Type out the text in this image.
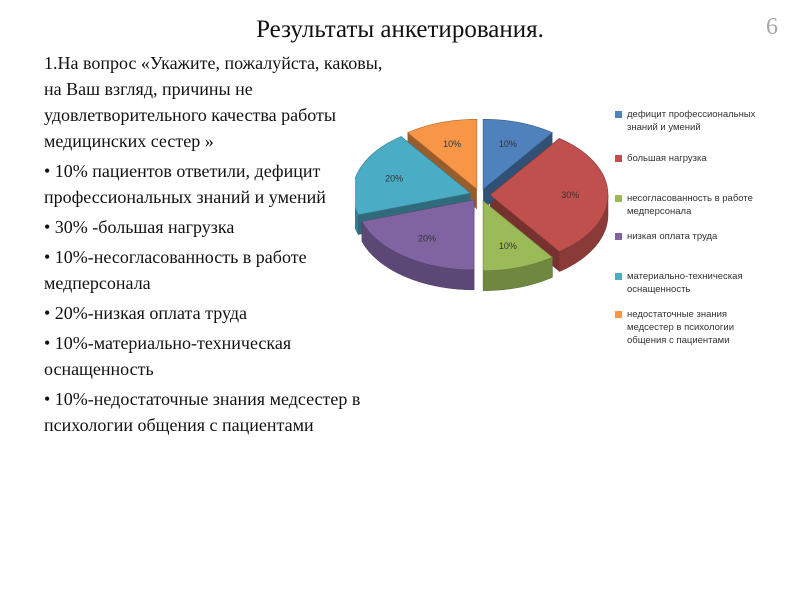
Результаты анкетирования.	6

1.На вопрос «Укажите, пожалуйста, каковы, на Ваш взгляд, причины не удовлетворительного качества работы медицинских сестер »

• 10% пациентов ответили, дефицит профессиональных знаний и умений

• 30% -большая нагрузка

• 10%-несогласованность в работе медперсонала

• 20%-низкая оплата труда

• 10%-материально-техническая оснащенность

• 10%-недостаточные знания медсестер в психологии общения с пациентами

10%
30%
10%
20%
20%
10%
дефицит профессиональных знаний и умений
большая нагрузка
несогласованность в работе медперсонала
низкая оплата труда
материально-техническая оснащенность
недостаточные знания медсестер в психологии общения с пациентами
